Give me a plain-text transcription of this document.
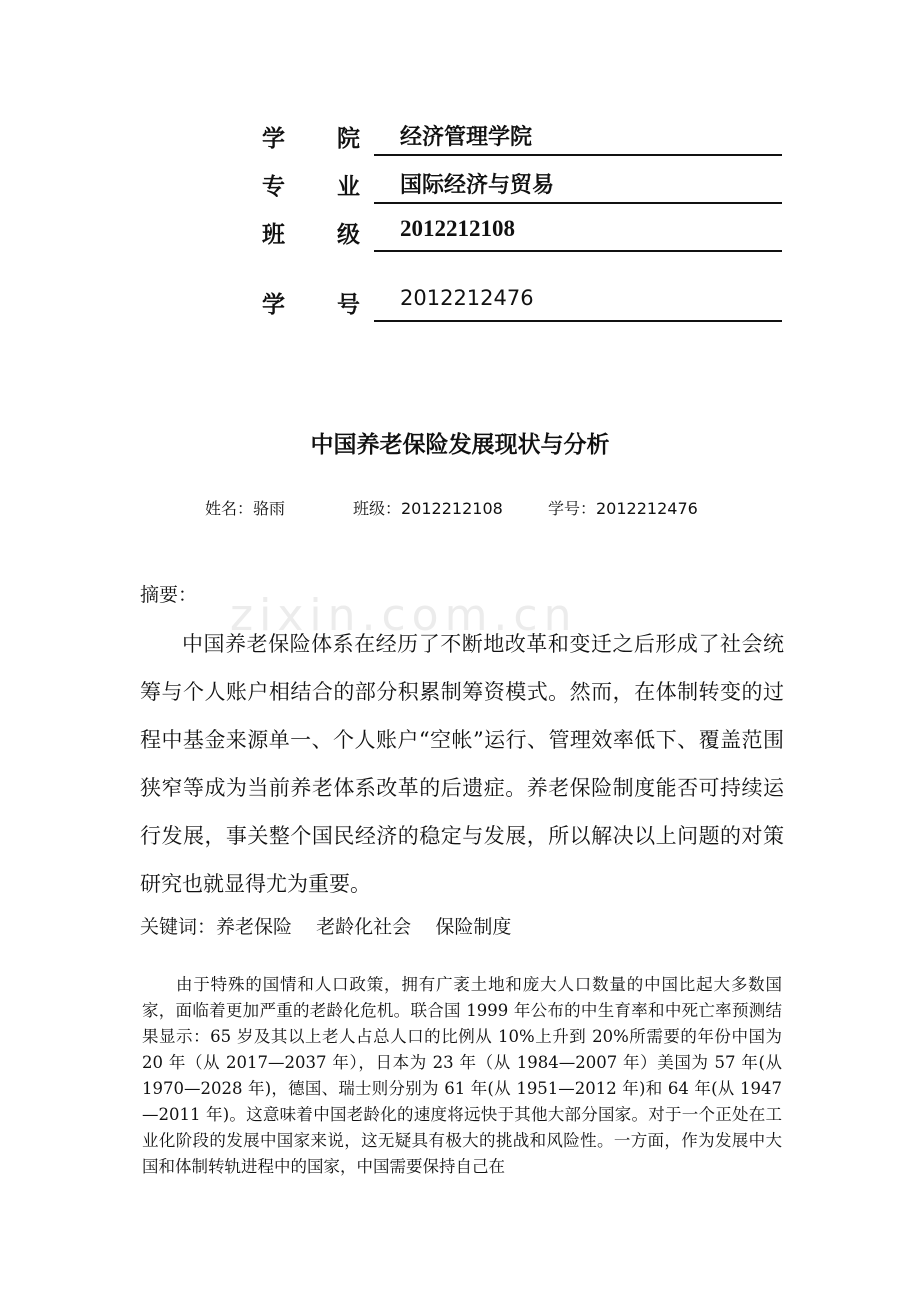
zixin.com.cn
学院
经济管理学院
专业
国际经济与贸易
班级
2012212108
学号
2012212476
中国养老保险发展现状与分析
姓名：骆雨	班级：2012212108	学号：2012212476
摘要：
中国养老保险体系在经历了不断地改革和变迁之后形成了社会统筹与个人账户相结合的部分积累制筹资模式。然而，在体制转变的过程中基金来源单一、个人账户“空帐”运行、管理效率低下、覆盖范围狭窄等成为当前养老体系改革的后遗症。养老保险制度能否可持续运行发展，事关整个国民经济的稳定与发展，所以解决以上问题的对策研究也就显得尤为重要。
关键词：养老保险    老龄化社会    保险制度
由于特殊的国情和人口政策，拥有广袤土地和庞大人口数量的中国比起大多数国家，面临着更加严重的老龄化危机。联合国 1999 年公布的中生育率和中死亡率预测结果显示：65 岁及其以上老人占总人口的比例从 10%上升到 20%所需要的年份中国为 20 年（从 2017—2037 年），日本为 23 年（从 1984—2007 年）美国为 57 年(从 1970—2028 年)，德国、瑞士则分别为 61 年(从 1951—2012 年)和 64 年(从 1947—2011 年)。这意味着中国老龄化的速度将远快于其他大部分国家。对于一个正处在工业化阶段的发展中国家来说，这无疑具有极大的挑战和风险性。一方面，作为发展中大国和体制转轨进程中的国家，中国需要保持自己在
